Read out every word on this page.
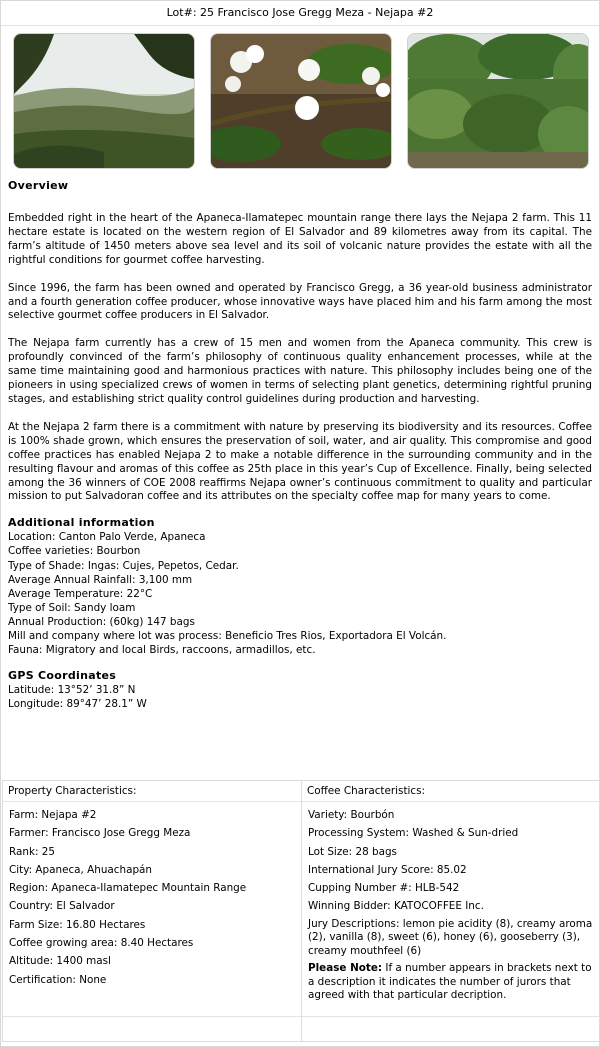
Lot#: 25 Francisco Jose Gregg Meza - Nejapa #2
Overview

Embedded right in the heart of the Apaneca-Ilamatepec mountain range there lays the Nejapa 2 farm. This 11 hectare estate is located on the western region of El Salvador and 89 kilometres away from its capital. The farm’s altitude of 1450 meters above sea level and its soil of volcanic nature provides the estate with all the rightful conditions for gourmet coffee harvesting.

Since 1996, the farm has been owned and operated by Francisco Gregg, a 36 year-old business administrator and a fourth generation coffee producer, whose innovative ways have placed him and his farm among the most selective gourmet coffee producers in El Salvador.

The Nejapa farm currently has a crew of 15 men and women from the Apaneca community. This crew is profoundly convinced of the farm’s philosophy of continuous quality enhancement processes, while at the same time maintaining good and harmonious practices with nature. This philosophy includes being one of the pioneers in using specialized crews of women in terms of selecting plant genetics, determining rightful pruning stages, and establishing strict quality control guidelines during production and harvesting.

At the Nejapa 2 farm there is a commitment with nature by preserving its biodiversity and its resources. Coffee is 100% shade grown, which ensures the preservation of soil, water, and air quality. This compromise and good coffee practices has enabled Nejapa 2 to make a notable difference in the surrounding community and in the resulting flavour and aromas of this coffee as 25th place in this year’s Cup of Excellence. Finally, being selected among the 36 winners of COE 2008 reaffirms Nejapa owner’s continuous commitment to quality and particular mission to put Salvadoran coffee and its attributes on the specialty coffee map for many years to come.

Additional information
Location: Canton Palo Verde, Apaneca
Coffee varieties: Bourbon
Type of Shade: Ingas: Cujes, Pepetos, Cedar.
Average Annual Rainfall: 3,100 mm
Average Temperature: 22°C
Type of Soil: Sandy loam
Annual Production: (60kg) 147 bags
Mill and company where lot was process: Beneficio Tres Rios, Exportadora El Volcán.
Fauna: Migratory and local Birds, raccoons, armadillos, etc.
GPS Coordinates
Latitude: 13°52’ 31.8” N
Longitude: 89°47’ 28.1” W
Property Characteristics:
Farm: Nejapa #2
Farmer: Francisco Jose Gregg Meza
Rank: 25
City: Apaneca, Ahuachapán
Region: Apaneca-Ilamatepec Mountain Range
Country: El Salvador
Farm Size: 16.80 Hectares
Coffee growing area: 8.40 Hectares
Altitude: 1400 masl
Certification: None
Coffee Characteristics:
Variety: Bourbón
Processing System: Washed & Sun-dried
Lot Size: 28 bags
International Jury Score: 85.02
Cupping Number #: HLB-542
Winning Bidder: KATOCOFFEE Inc.
Jury Descriptions: lemon pie acidity (8), creamy aroma (2), vanilla (8), sweet (6), honey (6), gooseberry (3), creamy mouthfeel (6)
Please Note: If a number appears in brackets next to a description it indicates the number of jurors that agreed with that particular decription.
